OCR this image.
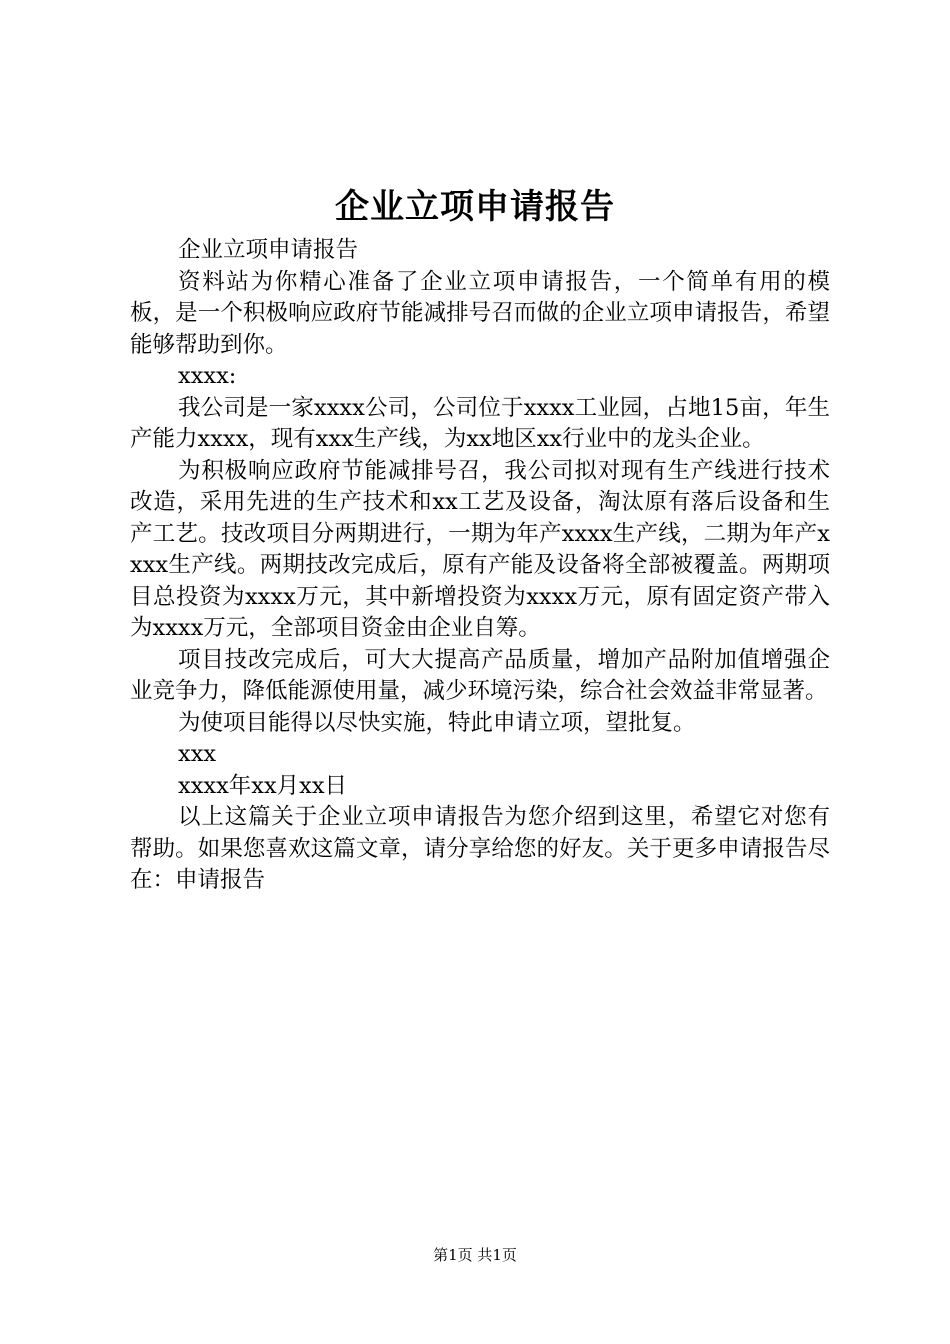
企业立项申请报告

企业立项申请报告

资料站为你精心准备了企业立项申请报告，一个简单有用的模板，是一个积极响应政府节能减排号召而做的企业立项申请报告，希望能够帮助到你。

xxxx:

我公司是一家xxxx公司，公司位于xxxx工业园，占地15亩，年生产能力xxxx，现有xxx生产线，为xx地区xx行业中的龙头企业。

为积极响应政府节能减排号召，我公司拟对现有生产线进行技术改造，采用先进的生产技术和xx工艺及设备，淘汰原有落后设备和生产工艺。技改项目分两期进行，一期为年产xxxx生产线，二期为年产xxxx生产线。两期技改完成后，原有产能及设备将全部被覆盖。两期项目总投资为xxxx万元，其中新增投资为xxxx万元，原有固定资产带入为xxxx万元，全部项目资金由企业自筹。

项目技改完成后，可大大提高产品质量，增加产品附加值增强企业竞争力，降低能源使用量，减少环境污染，综合社会效益非常显著。

为使项目能得以尽快实施，特此申请立项，望批复。

xxx

xxxx年xx月xx日

以上这篇关于企业立项申请报告为您介绍到这里，希望它对您有帮助。如果您喜欢这篇文章，请分享给您的好友。关于更多申请报告尽在：申请报告

第1页 共1页
